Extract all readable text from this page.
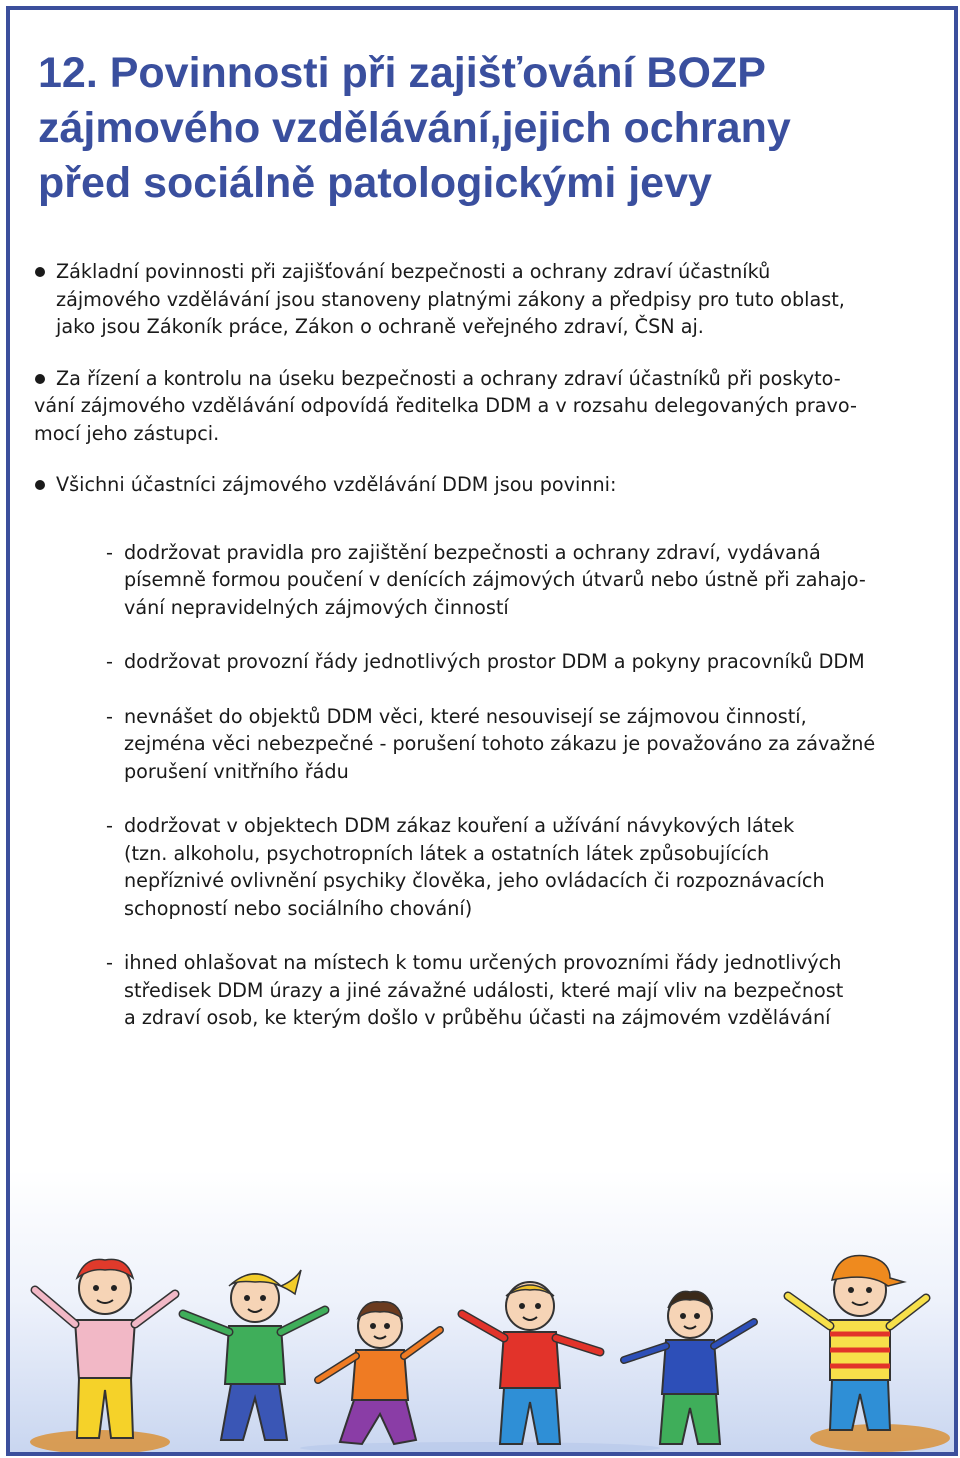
12. Povinnosti při zajišťování BOZP
zájmového vzdělávání,jejich ochrany
před sociálně patologickými jevy
Základní povinnosti při zajišťování bezpečnosti a ochrany zdraví účastníků
zájmového vzdělávání jsou stanoveny platnými zákony a předpisy pro tuto oblast,
jako jsou Zákoník práce, Zákon o ochraně veřejného zdraví, ČSN aj.
Za řízení a kontrolu na úseku bezpečnosti a ochrany zdraví účastníků při poskyto-
vání zájmového vzdělávání odpovídá ředitelka DDM a v rozsahu delegovaných pravo-
mocí jeho zástupci.
Všichni účastníci zájmového vzdělávání DDM jsou povinni:
- dodržovat pravidla pro zajištění bezpečnosti a ochrany zdraví, vydávaná
písemně formou poučení v denících zájmových útvarů nebo ústně při zahajo-
vání nepravidelných zájmových činností
- dodržovat provozní řády jednotlivých prostor DDM a pokyny pracovníků DDM
- nevnášet do objektů DDM věci, které nesouvisejí se zájmovou činností,
zejména věci nebezpečné - porušení tohoto zákazu je považováno za závažné
porušení vnitřního řádu
- dodržovat v objektech DDM zákaz kouření a užívání návykových látek
(tzn. alkoholu, psychotropních látek a ostatních látek způsobujících
nepříznivé ovlivnění psychiky člověka, jeho ovládacích či rozpoznávacích
schopností nebo sociálního chování)
- ihned ohlašovat na místech k tomu určených provozními řády jednotlivých
středisek DDM úrazy a jiné závažné události, které mají vliv na bezpečnost
a zdraví osob, ke kterým došlo v průběhu účasti na zájmovém vzdělávání
